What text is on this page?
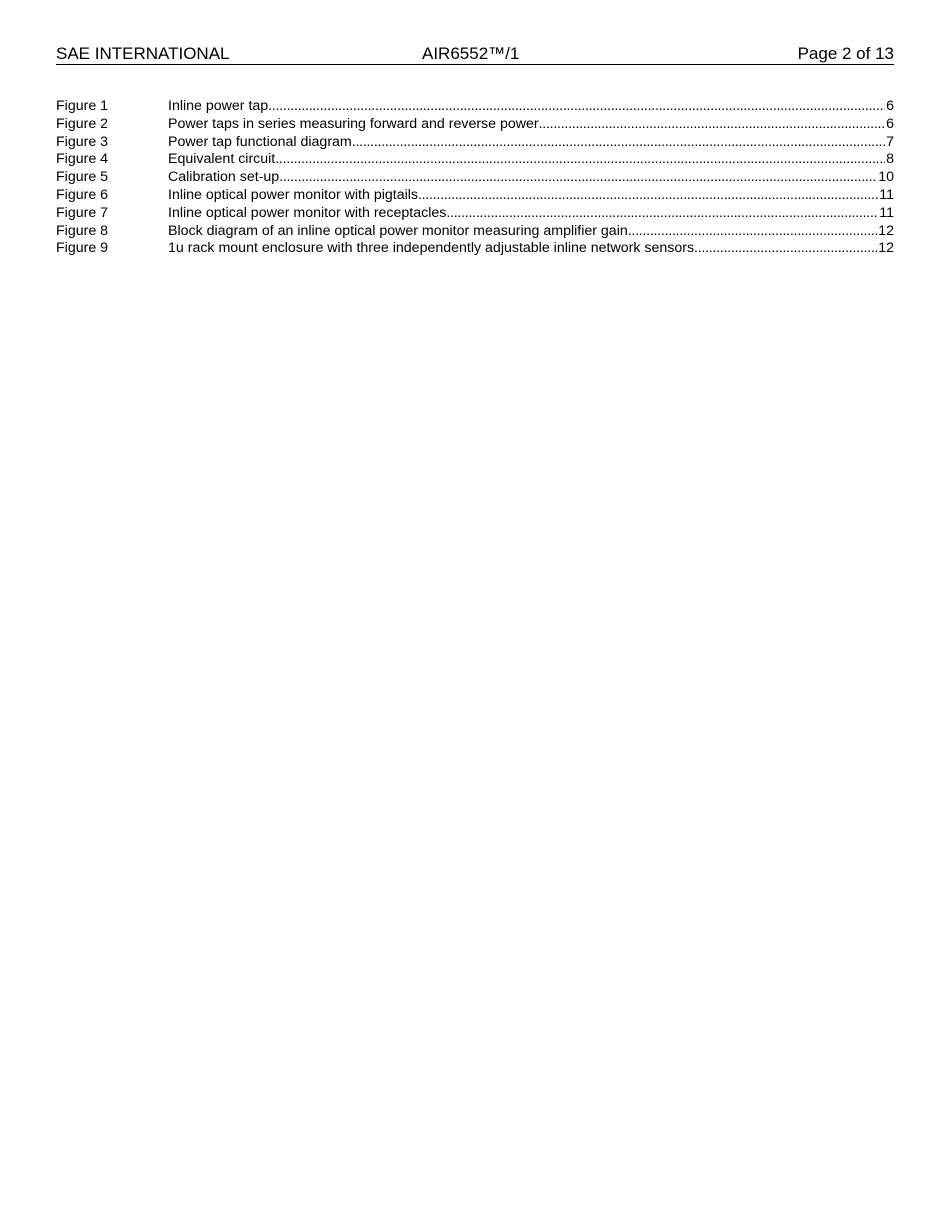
SAE INTERNATIONAL	AIR6552™/1	Page 2 of 13
Figure 1	Inline power tap . . .	6
Figure 2	Power taps in series measuring forward and reverse power . . .	6
Figure 3	Power tap functional diagram . . .	7
Figure 4	Equivalent circuit . . .	8
Figure 5	Calibration set-up . . .	10
Figure 6	Inline optical power monitor with pigtails . . .	11
Figure 7	Inline optical power monitor with receptacles . . .	11
Figure 8	Block diagram of an inline optical power monitor measuring amplifier gain . . .	12
Figure 9	1u rack mount enclosure with three independently adjustable inline network sensors . . .	12
